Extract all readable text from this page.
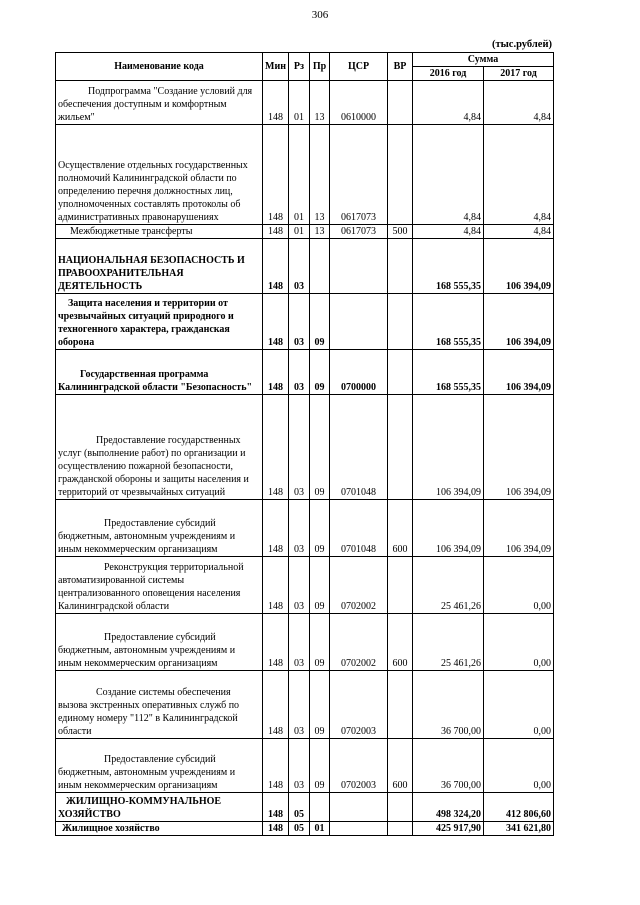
306
(тыс.рублей)
Наименование кода	Мин	Рз	Пр	ЦСР	ВР	Сумма	
						2016 год	2017 год
Подпрограмма "Создание условий для обеспечения доступным и комфортным жильем"	148	01	13	0610000		4,84	4,84
Осуществление отдельных государственных полномочий Калининградской области по определению перечня должностных лиц, уполномоченных составлять протоколы об административных правонарушениях	148	01	13	0617073		4,84	4,84
Межбюджетные трансферты	148	01	13	0617073	500	4,84	4,84
НАЦИОНАЛЬНАЯ БЕЗОПАСНОСТЬ И ПРАВООХРАНИТЕЛЬНАЯ ДЕЯТЕЛЬНОСТЬ	148	03				168 555,35	106 394,09
Защита населения и территории от чрезвычайных ситуаций природного и техногенного характера, гражданская оборона	148	03	09			168 555,35	106 394,09
Государственная программа Калининградской области "Безопасность"	148	03	09	0700000		168 555,35	106 394,09
Предоставление государственных услуг (выполнение работ) по организации и осуществлению пожарной безопасности, гражданской обороны и защиты населения и территорий от чрезвычайных ситуаций	148	03	09	0701048		106 394,09	106 394,09
Предоставление субсидий бюджетным, автономным учреждениям и иным некоммерческим организациям	148	03	09	0701048	600	106 394,09	106 394,09
Реконструкция территориальной автоматизированной системы централизованного оповещения населения Калининградской области	148	03	09	0702002		25 461,26	0,00
Предоставление субсидий бюджетным, автономным учреждениям и иным некоммерческим организациям	148	03	09	0702002	600	25 461,26	0,00
Создание системы обеспечения вызова экстренных оперативных служб по единому номеру "112" в Калининградской области	148	03	09	0702003		36 700,00	0,00
Предоставление субсидий бюджетным, автономным учреждениям и иным некоммерческим организациям	148	03	09	0702003	600	36 700,00	0,00
ЖИЛИЩНО-КОММУНАЛЬНОЕ ХОЗЯЙСТВО	148	05				498 324,20	412 806,60
Жилищное хозяйство	148	05	01			425 917,90	341 621,80
